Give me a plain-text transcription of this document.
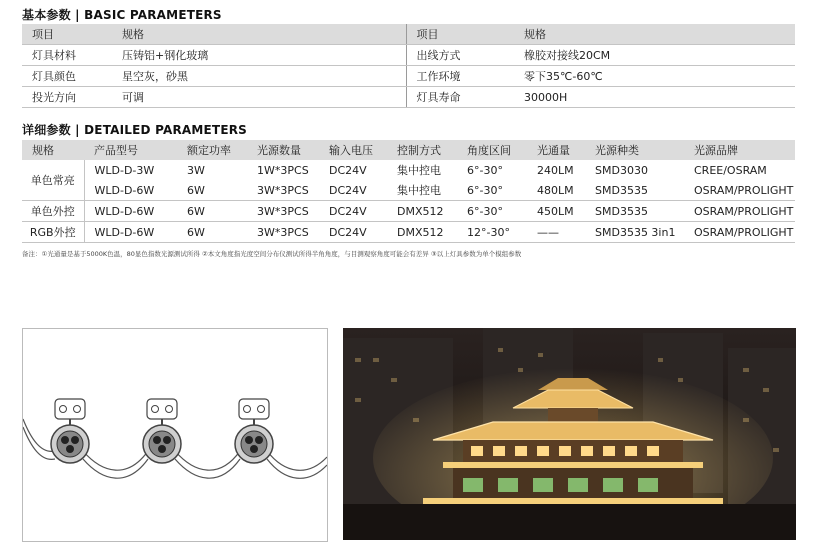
基本参数 | BASIC PARAMETERS
项目	规格	项目	规格
灯具材料	压铸铝+钢化玻璃	出线方式	橡胶对接线20CM
灯具颜色	星空灰，砂黑	工作环境	零下35℃-60℃
投光方向	可调	灯具寿命	30000H
详细参数 | DETAILED PARAMETERS
规格	产品型号	额定功率	光源数量	输入电压	控制方式	角度区间	光通量	光源种类	光源品牌
单色常亮	WLD-D-3W	3W	1W*3PCS	DC24V	集中控电	6°-30°	240LM	SMD3030	CREE/OSRAM
	WLD-D-6W	6W	3W*3PCS	DC24V	集中控电	6°-30°	480LM	SMD3535	OSRAM/PROLIGHT
单色外控	WLD-D-6W	6W	3W*3PCS	DC24V	DMX512	6°-30°	450LM	SMD3535	OSRAM/PROLIGHT
RGB外控	WLD-D-6W	6W	3W*3PCS	DC24V	DMX512	12°-30°	——	SMD3535 3in1	OSRAM/PROLIGHT
备注：①光通量是基于5000K色温，80显色指数光源测试所得 ②本文角度指光度空间分布仪测试所得半角角度，与目测观察角度可能会有差异 ③以上灯具参数为单个模组参数
